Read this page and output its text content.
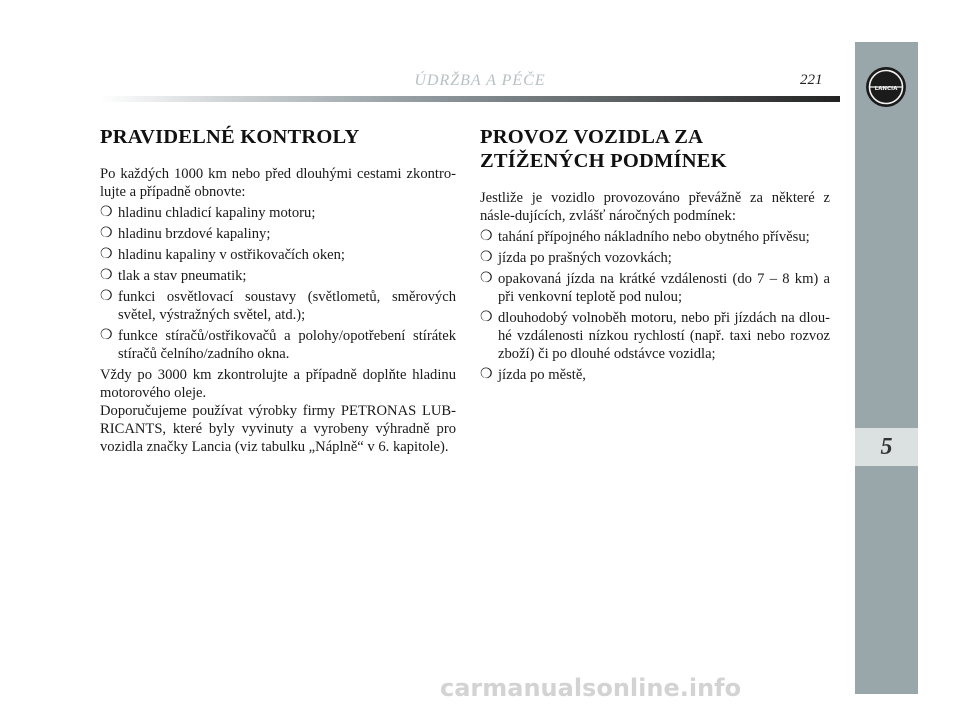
ÚDRŽBA A PÉČE	221
LANCIA
5
PRAVIDELNÉ KONTROLY

Po každých 1000 km nebo před dlouhými cestami zkontro-lujte a případně obnovte:

❍ hladinu chladicí kapaliny motoru;
❍ hladinu brzdové kapaliny;
❍ hladinu kapaliny v ostřikovačích oken;
❍ tlak a stav pneumatik;
❍ funkci osvětlovací soustavy (světlometů, směrových světel, výstražných světel, atd.);
❍ funkce stíračů/ostřikovačů a polohy/opotřebení stírátek stíračů čelního/zadního okna.

Vždy po 3000 km zkontrolujte a případně doplňte hladinu motorového oleje.

Doporučujeme používat výrobky firmy PETRONAS LUB-RICANTS, které byly vyvinuty a vyrobeny výhradně pro vozidla značky Lancia (viz tabulku „Náplně“ v 6. kapitole).

PROVOZ VOZIDLA ZA ZTÍŽENÝCH PODMÍNEK

Jestliže je vozidlo provozováno převážně za některé z násle-dujících, zvlášť náročných podmínek:

❍ tahání přípojného nákladního nebo obytného přívěsu;
❍ jízda po prašných vozovkách;
❍ opakovaná jízda na krátké vzdálenosti (do 7 – 8 km) a při venkovní teplotě pod nulou;
❍ dlouhodobý volnoběh motoru, nebo při jízdách na dlou-hé vzdálenosti nízkou rychlostí (např. taxi nebo rozvoz zboží) či po dlouhé odstávce vozidla;
❍ jízda po městě,
carmanualsonline.info
